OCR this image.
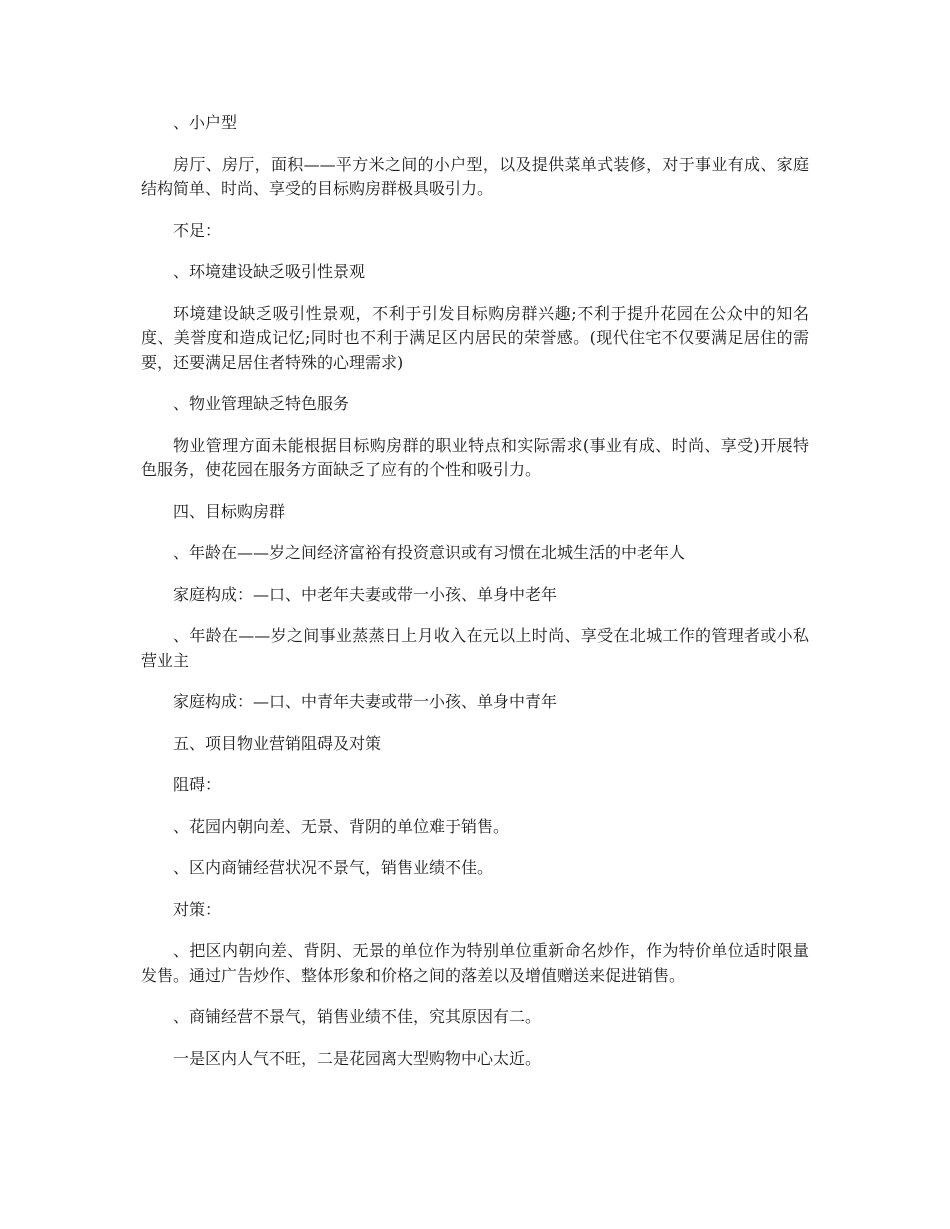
、小户型

房厅、房厅，面积——平方米之间的小户型，以及提供菜单式装修，对于事业有成、家庭结构简单、时尚、享受的目标购房群极具吸引力。

不足：

、环境建设缺乏吸引性景观

环境建设缺乏吸引性景观，不利于引发目标购房群兴趣;不利于提升花园在公众中的知名度、美誉度和造成记忆;同时也不利于满足区内居民的荣誉感。(现代住宅不仅要满足居住的需要，还要满足居住者特殊的心理需求)

、物业管理缺乏特色服务

物业管理方面未能根据目标购房群的职业特点和实际需求(事业有成、时尚、享受)开展特色服务，使花园在服务方面缺乏了应有的个性和吸引力。

四、目标购房群

、年龄在——岁之间经济富裕有投资意识或有习惯在北城生活的中老年人

家庭构成：—口、中老年夫妻或带一小孩、单身中老年

、年龄在——岁之间事业蒸蒸日上月收入在元以上时尚、享受在北城工作的管理者或小私营业主

家庭构成：—口、中青年夫妻或带一小孩、单身中青年

五、项目物业营销阻碍及对策

阻碍：

、花园内朝向差、无景、背阴的单位难于销售。

、区内商铺经营状况不景气，销售业绩不佳。

对策：

、把区内朝向差、背阴、无景的单位作为特别单位重新命名炒作，作为特价单位适时限量发售。通过广告炒作、整体形象和价格之间的落差以及增值赠送来促进销售。

、商铺经营不景气，销售业绩不佳，究其原因有二。

一是区内人气不旺，二是花园离大型购物中心太近。
